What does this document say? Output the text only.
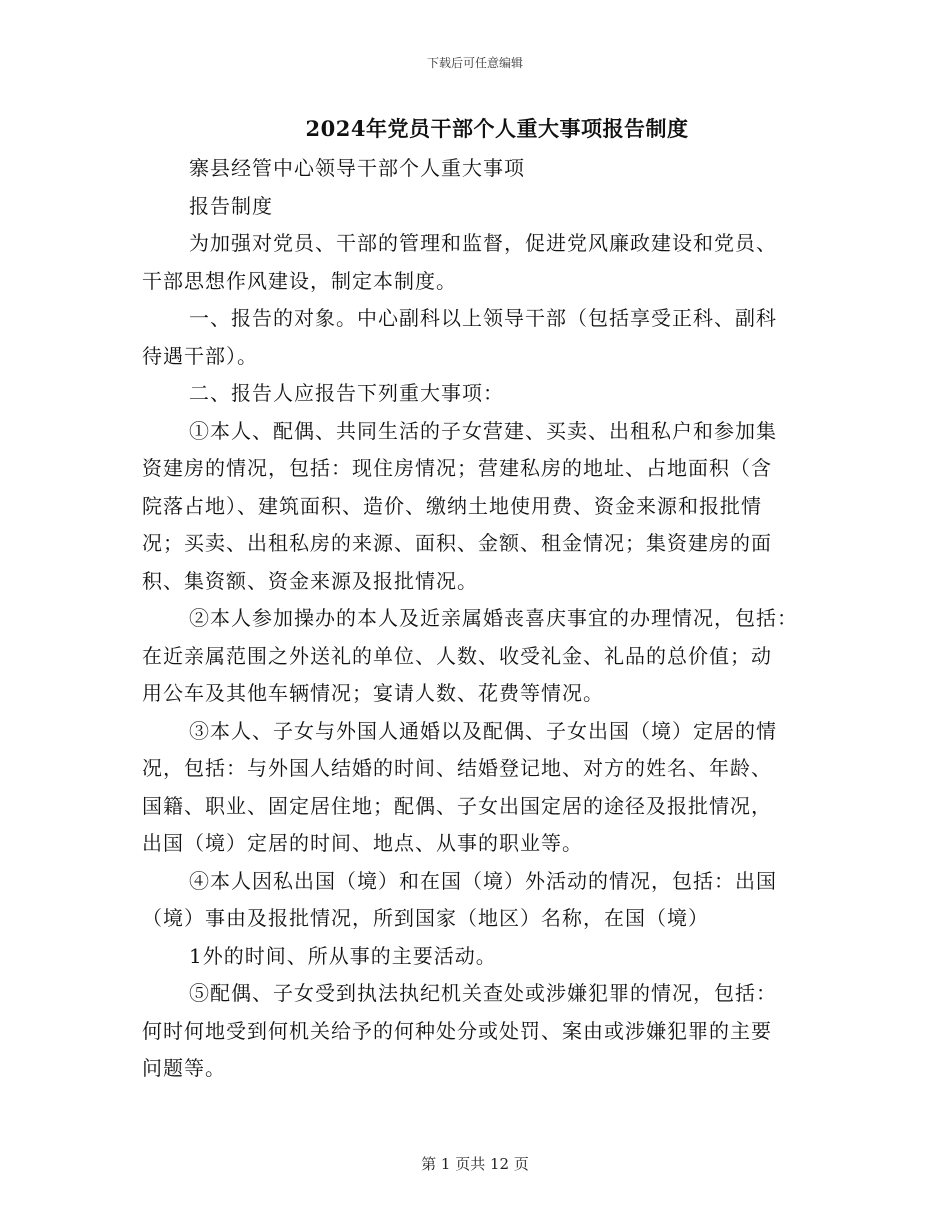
下载后可任意编辑
2024年党员干部个人重大事项报告制度

寨县经管中心领导干部个人重大事项

报告制度

为加强对党员、干部的管理和监督，促进党风廉政建设和党员、

干部思想作风建设，制定本制度。

一、报告的对象。中心副科以上领导干部（包括享受正科、副科

待遇干部）。

二、报告人应报告下列重大事项：

①本人、配偶、共同生活的子女营建、买卖、出租私户和参加集

资建房的情况，包括：现住房情况；营建私房的地址、占地面积（含

院落占地）、建筑面积、造价、缴纳土地使用费、资金来源和报批情

况；买卖、出租私房的来源、面积、金额、租金情况；集资建房的面

积、集资额、资金来源及报批情况。

②本人参加操办的本人及近亲属婚丧喜庆事宜的办理情况，包括：

在近亲属范围之外送礼的单位、人数、收受礼金、礼品的总价值；动

用公车及其他车辆情况；宴请人数、花费等情况。

③本人、子女与外国人通婚以及配偶、子女出国（境）定居的情

况，包括：与外国人结婚的时间、结婚登记地、对方的姓名、年龄、

国籍、职业、固定居住地；配偶、子女出国定居的途径及报批情况，

出国（境）定居的时间、地点、从事的职业等。

④本人因私出国（境）和在国（境）外活动的情况，包括：出国

（境）事由及报批情况，所到国家（地区）名称，在国（境）

1外的时间、所从事的主要活动。

⑤配偶、子女受到执法执纪机关查处或涉嫌犯罪的情况，包括：

何时何地受到何机关给予的何种处分或处罚、案由或涉嫌犯罪的主要

问题等。

第 1 页共 12 页
